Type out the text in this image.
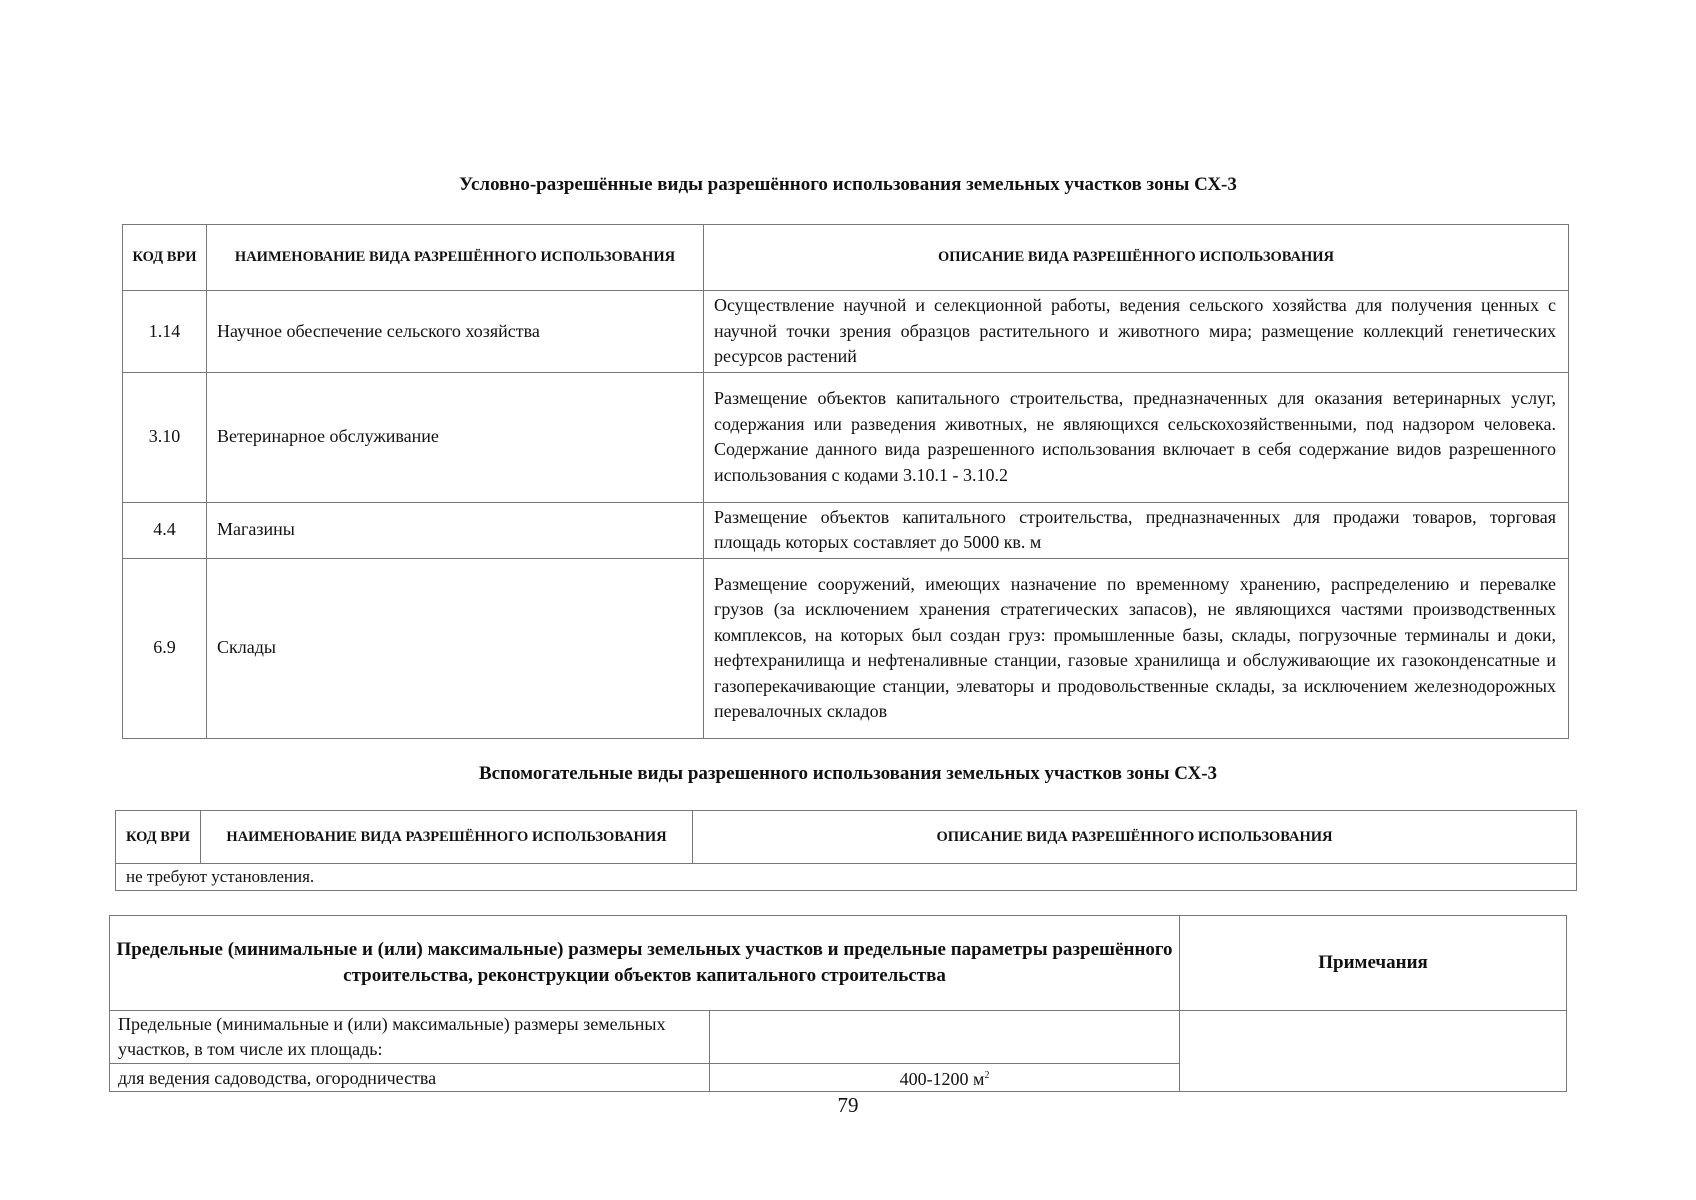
Условно-разрешённые виды разрешённого использования земельных участков зоны СХ-3
КОД ВРИ	НАИМЕНОВАНИЕ ВИДА РАЗРЕШЁННОГО ИСПОЛЬЗОВАНИЯ	ОПИСАНИЕ ВИДА РАЗРЕШЁННОГО ИСПОЛЬЗОВАНИЯ
1.14	Научное обеспечение сельского хозяйства	Осуществление научной и селекционной работы, ведения сельского хозяйства для получения ценных с научной точки зрения образцов растительного и животного мира; размещение коллекций генетических ресурсов растений
3.10	Ветеринарное обслуживание	Размещение объектов капитального строительства, предназначенных для оказания ветеринарных услуг, содержания или разведения животных, не являющихся сельскохозяйственными, под надзором человека. Содержание данного вида разрешенного использования включает в себя содержание видов разрешенного использования с кодами 3.10.1 - 3.10.2
4.4	Магазины	Размещение объектов капитального строительства, предназначенных для продажи товаров, торговая площадь которых составляет до 5000 кв. м
6.9	Склады	Размещение сооружений, имеющих назначение по временному хранению, распределению и перевалке грузов (за исключением хранения стратегических запасов), не являющихся частями производственных комплексов, на которых был создан груз: промышленные базы, склады, погрузочные терминалы и доки, нефтехранилища и нефтеналивные станции, газовые хранилища и обслуживающие их газоконденсатные и газоперекачивающие станции, элеваторы и продовольственные склады, за исключением железнодорожных перевалочных складов
Вспомогательные виды разрешенного использования земельных участков зоны СХ-3
КОД ВРИ	НАИМЕНОВАНИЕ ВИДА РАЗРЕШЁННОГО ИСПОЛЬЗОВАНИЯ	ОПИСАНИЕ ВИДА РАЗРЕШЁННОГО ИСПОЛЬЗОВАНИЯ
не требуют установления.
Предельные (минимальные и (или) максимальные) размеры земельных участков и предельные параметры разрешённого строительства, реконструкции объектов капитального строительства		Примечания
Предельные (минимальные и (или) максимальные) размеры земельных участков, в том числе их площадь:		
для ведения садоводства, огородничества	400-1200 $м^2$
79
